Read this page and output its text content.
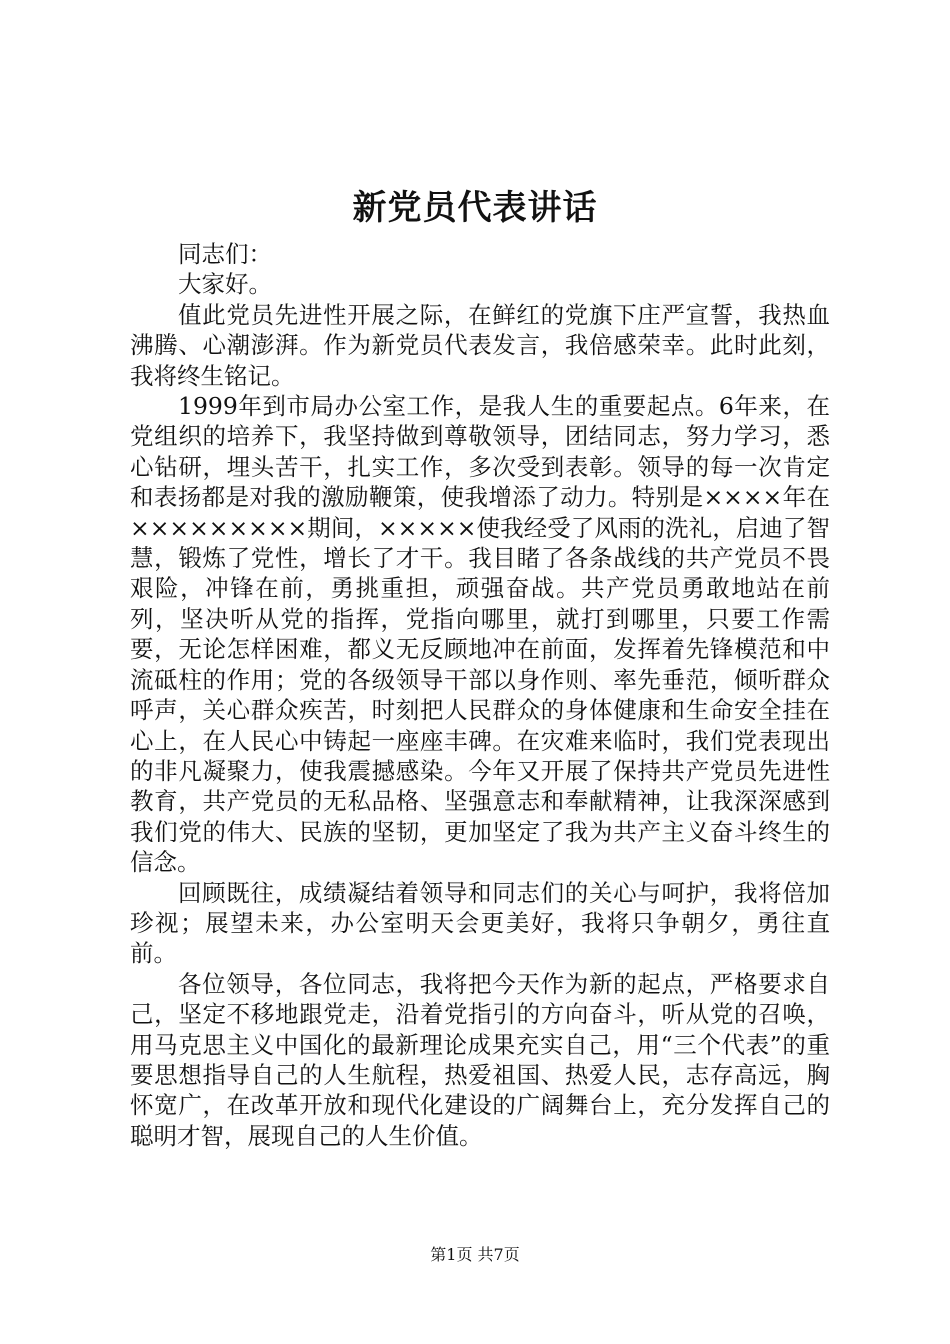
新党员代表讲话

同志们：

大家好。

值此党员先进性开展之际，在鲜红的党旗下庄严宣誓，我热血沸腾、心潮澎湃。作为新党员代表发言，我倍感荣幸。此时此刻，我将终生铭记。

1999年到市局办公室工作，是我人生的重要起点。6年来，在党组织的培养下，我坚持做到尊敬领导，团结同志，努力学习，悉心钻研，埋头苦干，扎实工作，多次受到表彰。领导的每一次肯定和表扬都是对我的激励鞭策，使我增添了动力。特别是××××年在×××××××××期间，×××××使我经受了风雨的洗礼，启迪了智慧，锻炼了党性，增长了才干。我目睹了各条战线的共产党员不畏艰险，冲锋在前，勇挑重担，顽强奋战。共产党员勇敢地站在前列，坚决听从党的指挥，党指向哪里，就打到哪里，只要工作需要，无论怎样困难，都义无反顾地冲在前面，发挥着先锋模范和中流砥柱的作用；党的各级领导干部以身作则、率先垂范，倾听群众呼声，关心群众疾苦，时刻把人民群众的身体健康和生命安全挂在心上，在人民心中铸起一座座丰碑。在灾难来临时，我们党表现出的非凡凝聚力，使我震撼感染。今年又开展了保持共产党员先进性教育，共产党员的无私品格、坚强意志和奉献精神，让我深深感到我们党的伟大、民族的坚韧，更加坚定了我为共产主义奋斗终生的信念。

回顾既往，成绩凝结着领导和同志们的关心与呵护，我将倍加珍视；展望未来，办公室明天会更美好，我将只争朝夕，勇往直前。

各位领导，各位同志，我将把今天作为新的起点，严格要求自己，坚定不移地跟党走，沿着党指引的方向奋斗，听从党的召唤，用马克思主义中国化的最新理论成果充实自己，用“三个代表”的重要思想指导自己的人生航程，热爱祖国、热爱人民，志存高远，胸怀宽广，在改革开放和现代化建设的广阔舞台上，充分发挥自己的聪明才智，展现自己的人生价值。

第1页 共7页
